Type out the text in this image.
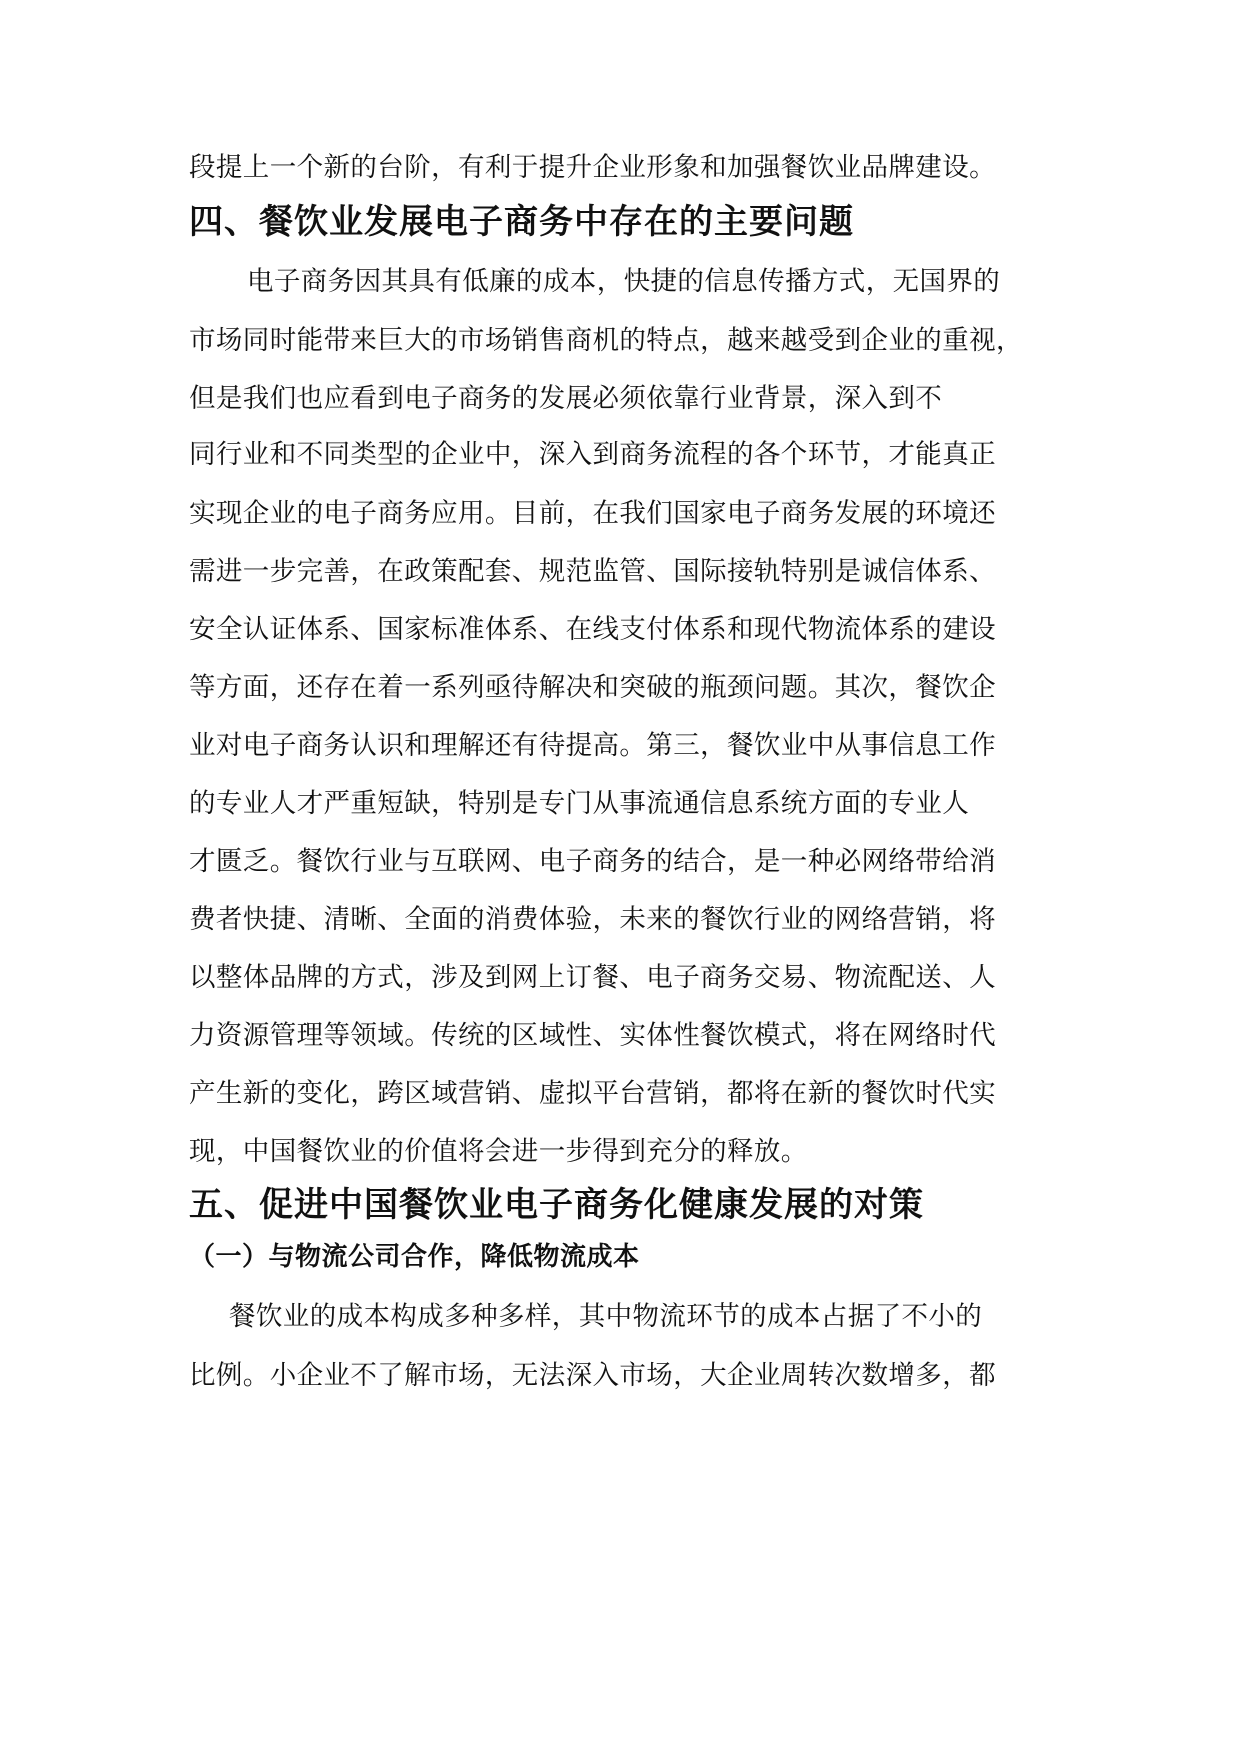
段提上一个新的台阶，有利于提升企业形象和加强餐饮业品牌建设。

四、餐饮业发展电子商务中存在的主要问题

电子商务因其具有低廉的成本，快捷的信息传播方式，无国界的

市场同时能带来巨大的市场销售商机的特点，越来越受到企业的重视，

但是我们也应看到电子商务的发展必须依靠行业背景，深入到不

同行业和不同类型的企业中，深入到商务流程的各个环节，才能真正

实现企业的电子商务应用。目前，在我们国家电子商务发展的环境还

需进一步完善，在政策配套、规范监管、国际接轨特别是诚信体系、

安全认证体系、国家标准体系、在线支付体系和现代物流体系的建设

等方面，还存在着一系列亟待解决和突破的瓶颈问题。其次，餐饮企

业对电子商务认识和理解还有待提高。第三，餐饮业中从事信息工作

的专业人才严重短缺，特别是专门从事流通信息系统方面的专业人

才匮乏。餐饮行业与互联网、电子商务的结合，是一种必网络带给消

费者快捷、清晰、全面的消费体验，未来的餐饮行业的网络营销，将

以整体品牌的方式，涉及到网上订餐、电子商务交易、物流配送、人

力资源管理等领域。传统的区域性、实体性餐饮模式，将在网络时代

产生新的变化，跨区域营销、虚拟平台营销，都将在新的餐饮时代实

现，中国餐饮业的价值将会进一步得到充分的释放。

五、促进中国餐饮业电子商务化健康发展的对策
（一）与物流公司合作，降低物流成本

餐饮业的成本构成多种多样，其中物流环节的成本占据了不小的

比例。小企业不了解市场，无法深入市场，大企业周转次数增多，都
